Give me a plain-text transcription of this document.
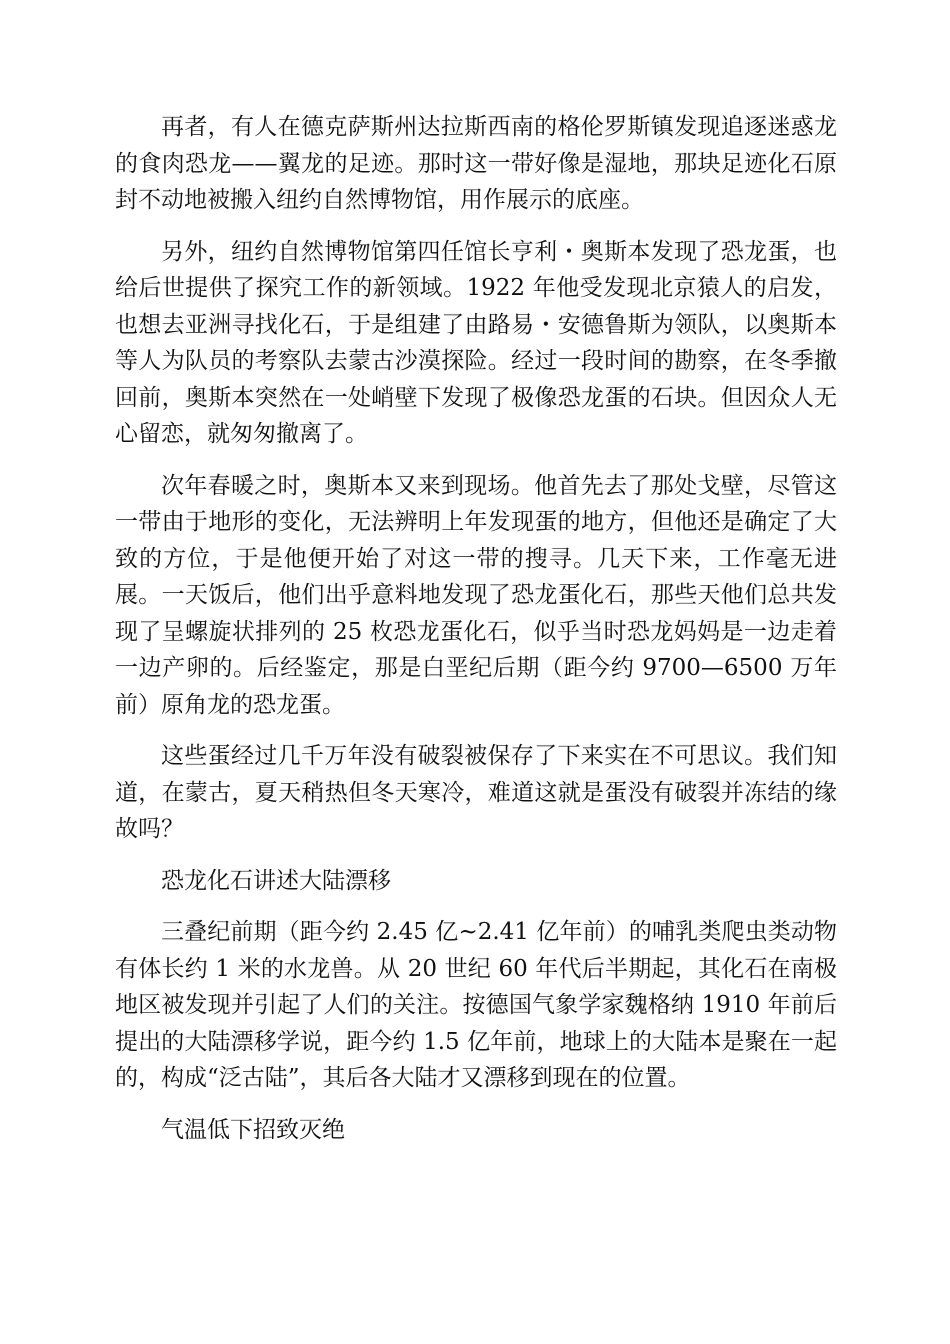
再者，有人在德克萨斯州达拉斯西南的格伦罗斯镇发现追逐迷惑龙的食肉恐龙——翼龙的足迹。那时这一带好像是湿地，那块足迹化石原封不动地被搬入纽约自然博物馆，用作展示的底座。

另外，纽约自然博物馆第四任馆长亨利・奥斯本发现了恐龙蛋，也给后世提供了探究工作的新领域。1922 年他受发现北京猿人的启发，也想去亚洲寻找化石，于是组建了由路易・安德鲁斯为领队，以奥斯本等人为队员的考察队去蒙古沙漠探险。经过一段时间的勘察，在冬季撤回前，奥斯本突然在一处峭壁下发现了极像恐龙蛋的石块。但因众人无心留恋，就匆匆撤离了。

次年春暖之时，奥斯本又来到现场。他首先去了那处戈壁，尽管这一带由于地形的变化，无法辨明上年发现蛋的地方，但他还是确定了大致的方位，于是他便开始了对这一带的搜寻。几天下来，工作毫无进展。一天饭后，他们出乎意料地发现了恐龙蛋化石，那些天他们总共发现了呈螺旋状排列的 25 枚恐龙蛋化石，似乎当时恐龙妈妈是一边走着一边产卵的。后经鉴定，那是白垩纪后期（距今约 9700—6500 万年前）原角龙的恐龙蛋。

这些蛋经过几千万年没有破裂被保存了下来实在不可思议。我们知道，在蒙古，夏天稍热但冬天寒冷，难道这就是蛋没有破裂并冻结的缘故吗？

恐龙化石讲述大陆漂移

三叠纪前期（距今约 2.45 亿~2.41 亿年前）的哺乳类爬虫类动物有体长约 1 米的水龙兽。从 20 世纪 60 年代后半期起，其化石在南极地区被发现并引起了人们的关注。按德国气象学家魏格纳 1910 年前后提出的大陆漂移学说，距今约 1.5 亿年前，地球上的大陆本是聚在一起的，构成“泛古陆”，其后各大陆才又漂移到现在的位置。

气温低下招致灭绝
